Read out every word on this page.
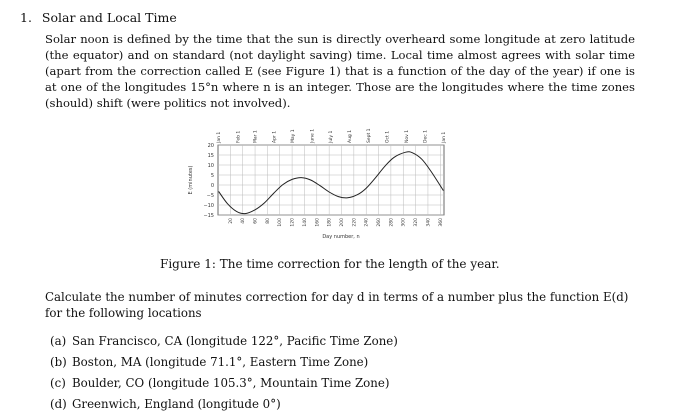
1. Solar and Local Time
Solar noon is defined by the time that the sun is directly overheard some longitude at zero latitude (the equator) and on standard (not daylight saving) time. Local time almost agrees with solar time (apart from the correction called E (see Figure 1) that is a function of the day of the year) if one is at one of the longitudes 15°n where n is an integer. Those are the longitudes where the time zones (should) shift (were politics not involved).
20
15
10
5
0
−5
−10
−15
20 40 60 80 100 120 140 160 180 200 220 240 260 280 300 320 340 360
Jan 1	Feb 1	Mar 1	Apr 1	May 1	June 1	July 1	Aug 1	Sept 1	Oct 1	Nov 1	Dec 1	Jan 1
E (minutes)
Day number, n
Figure 1: The time correction for the length of the year.
Calculate the number of minutes correction for day d in terms of a number plus the function E(d) for the following locations
(a) San Francisco, CA (longitude 122°, Pacific Time Zone)
(b) Boston, MA (longitude 71.1°, Eastern Time Zone)
(c) Boulder, CO (longitude 105.3°, Mountain Time Zone)
(d) Greenwich, England (longitude 0°)
